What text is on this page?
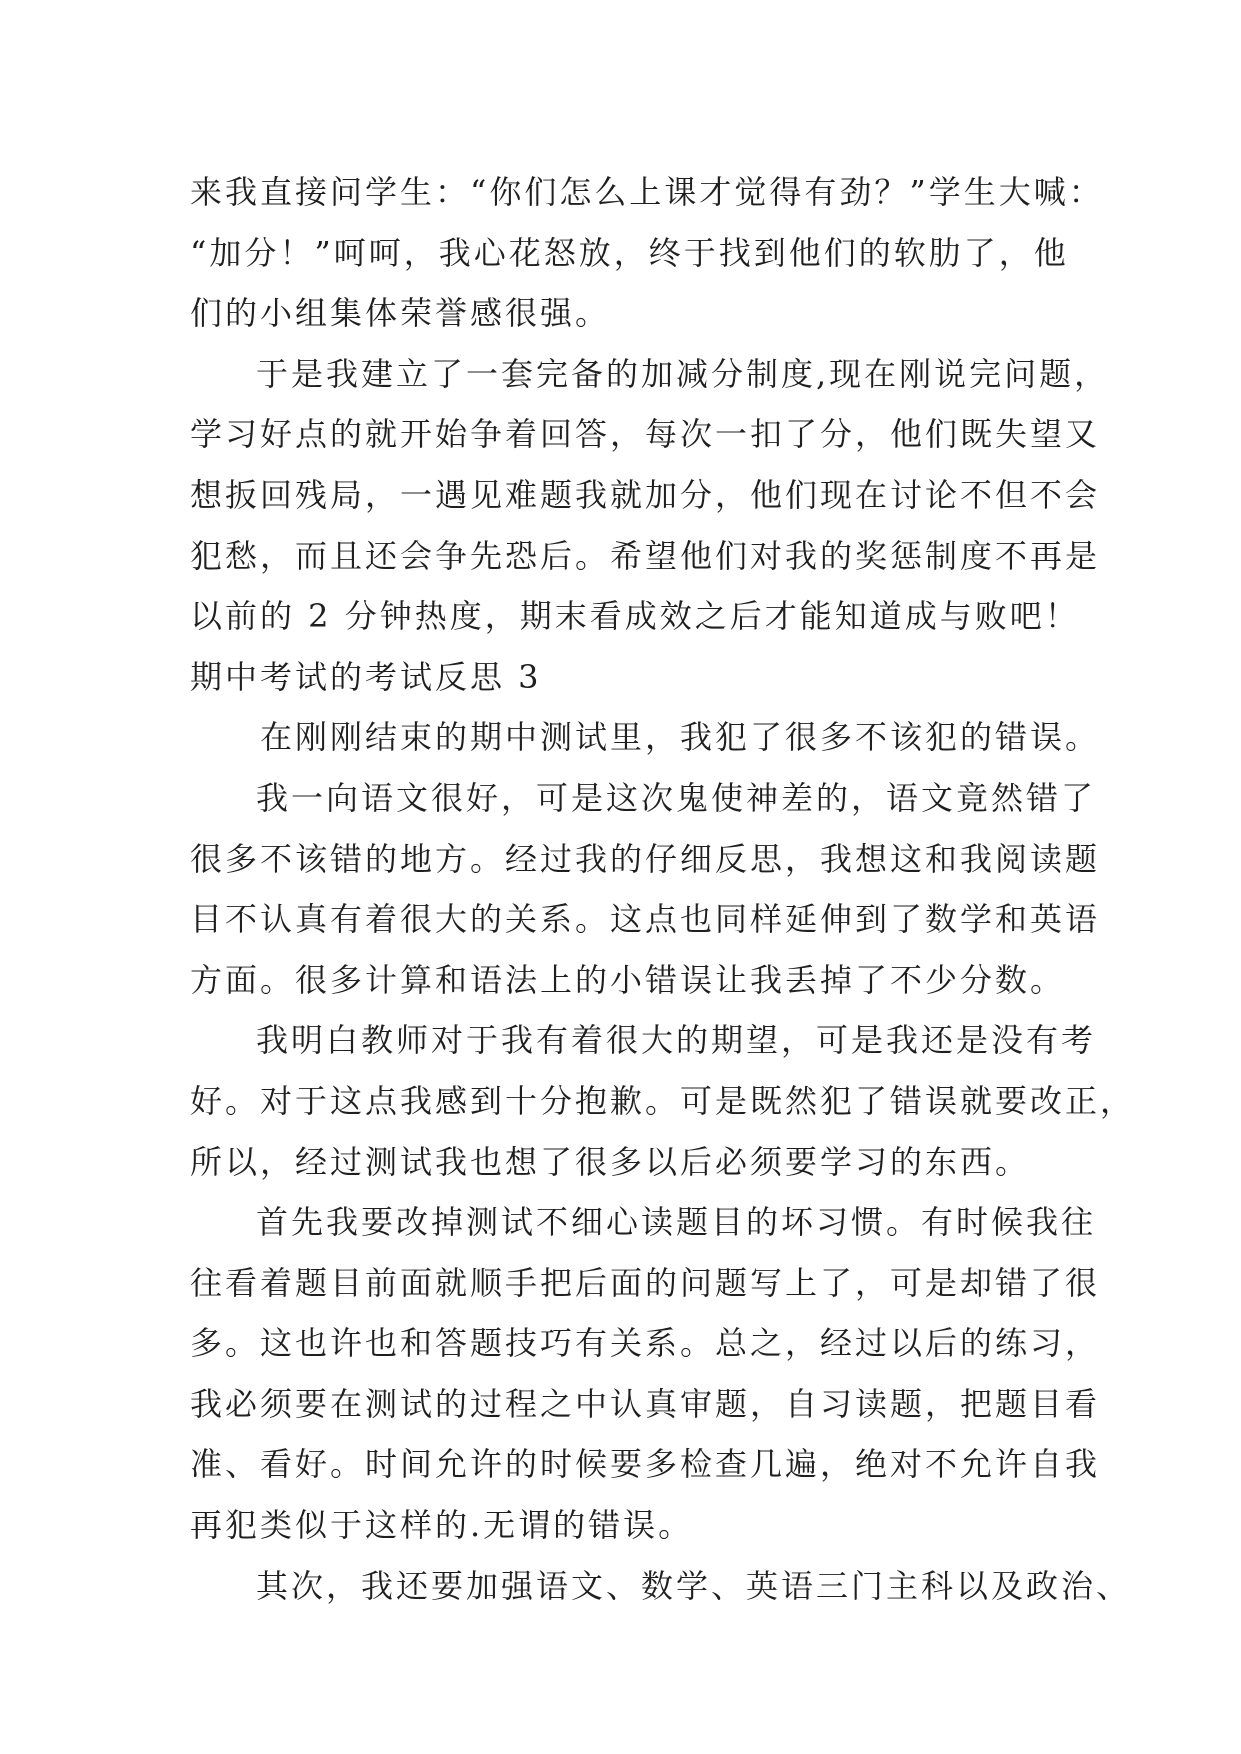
来我直接问学生：“你们怎么上课才觉得有劲？”学生大喊：
“加分！”呵呵，我心花怒放，终于找到他们的软肋了，他
们的小组集体荣誉感很强。
于是我建立了一套完备的加减分制度,现在刚说完问题，
学习好点的就开始争着回答，每次一扣了分，他们既失望又
想扳回残局，一遇见难题我就加分，他们现在讨论不但不会
犯愁，而且还会争先恐后。希望他们对我的奖惩制度不再是
以前的 2 分钟热度，期末看成效之后才能知道成与败吧！
期中考试的考试反思 3
在刚刚结束的期中测试里，我犯了很多不该犯的错误。
我一向语文很好，可是这次鬼使神差的，语文竟然错了
很多不该错的地方。经过我的仔细反思，我想这和我阅读题
目不认真有着很大的关系。这点也同样延伸到了数学和英语
方面。很多计算和语法上的小错误让我丢掉了不少分数。
我明白教师对于我有着很大的期望，可是我还是没有考
好。对于这点我感到十分抱歉。可是既然犯了错误就要改正，
所以，经过测试我也想了很多以后必须要学习的东西。
首先我要改掉测试不细心读题目的坏习惯。有时候我往
往看着题目前面就顺手把后面的问题写上了，可是却错了很
多。这也许也和答题技巧有关系。总之，经过以后的练习，
我必须要在测试的过程之中认真审题，自习读题，把题目看
准、看好。时间允许的时候要多检查几遍，绝对不允许自我
再犯类似于这样的.无谓的错误。
其次，我还要加强语文、数学、英语三门主科以及政治、
